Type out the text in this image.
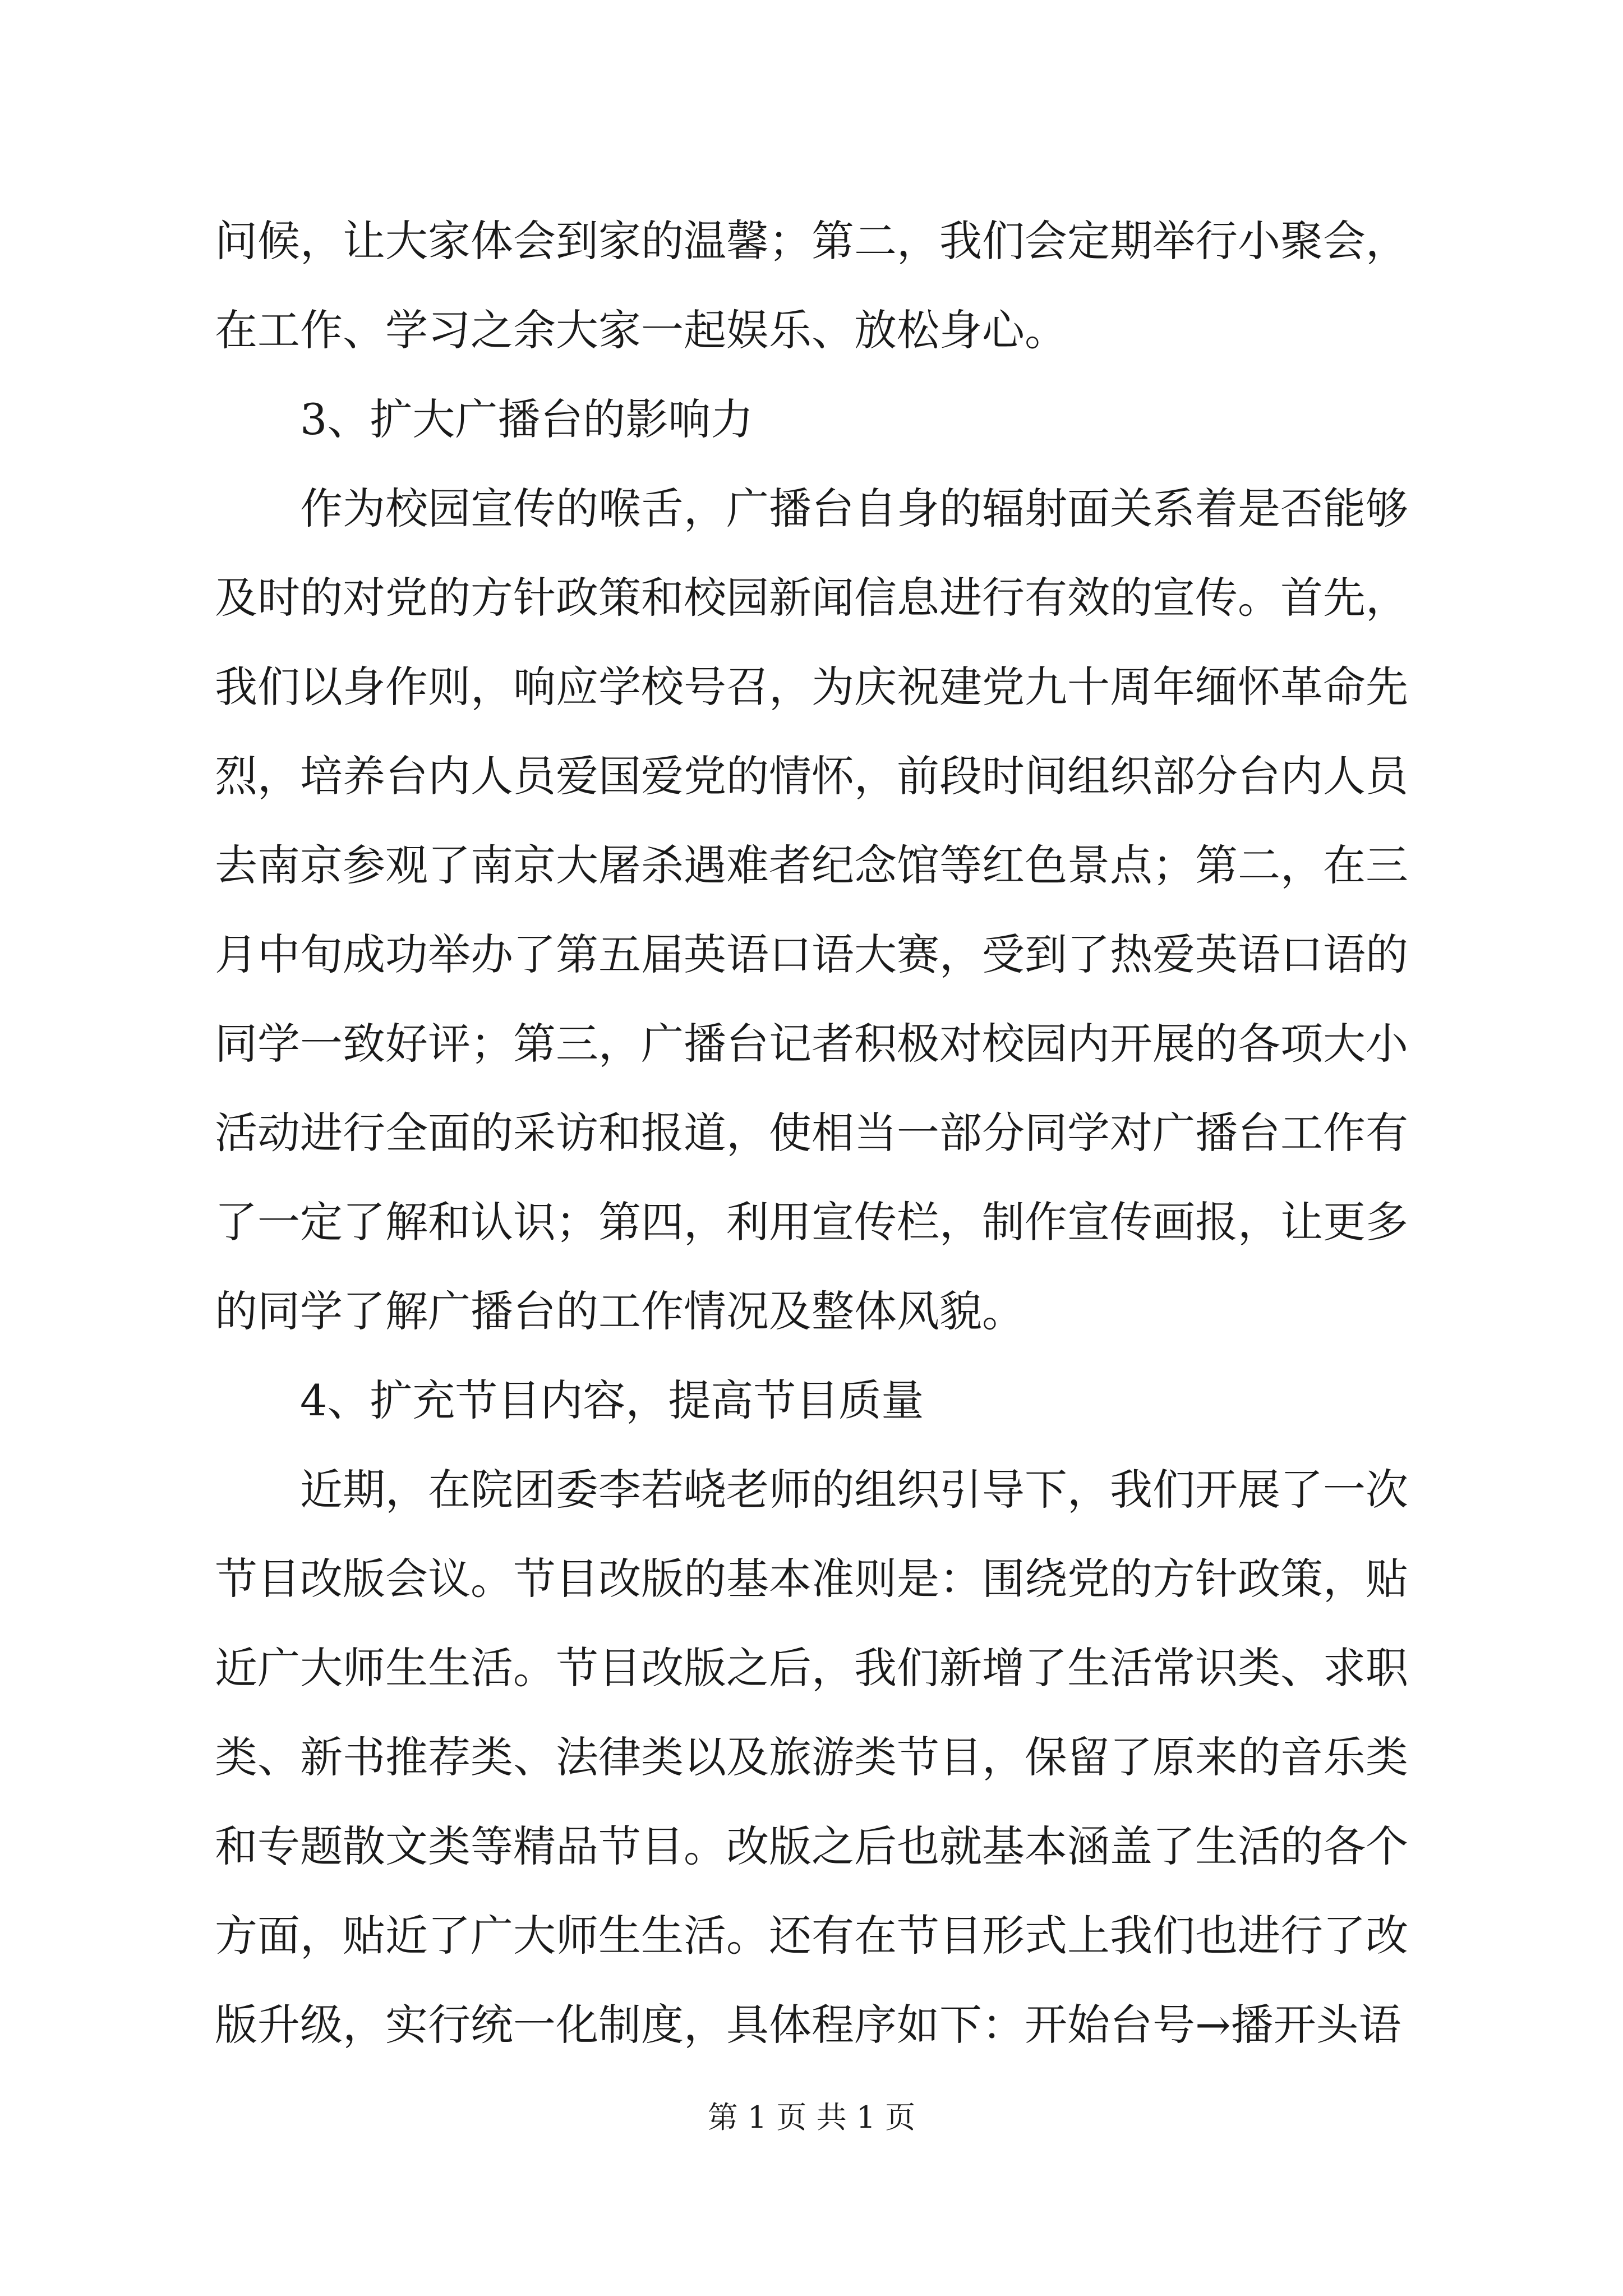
问候，让大家体会到家的温馨；第二，我们会定期举行小聚会，
在工作、学习之余大家一起娱乐、放松身心。
3、扩大广播台的影响力
作为校园宣传的喉舌，广播台自身的辐射面关系着是否能够
及时的对党的方针政策和校园新闻信息进行有效的宣传。首先，
我们以身作则，响应学校号召，为庆祝建党九十周年缅怀革命先
烈，培养台内人员爱国爱党的情怀，前段时间组织部分台内人员
去南京参观了南京大屠杀遇难者纪念馆等红色景点；第二，在三
月中旬成功举办了第五届英语口语大赛，受到了热爱英语口语的
同学一致好评；第三，广播台记者积极对校园内开展的各项大小
活动进行全面的采访和报道，使相当一部分同学对广播台工作有
了一定了解和认识；第四，利用宣传栏，制作宣传画报，让更多
的同学了解广播台的工作情况及整体风貌。
4、扩充节目内容，提高节目质量
近期，在院团委李若峣老师的组织引导下，我们开展了一次
节目改版会议。节目改版的基本准则是：围绕党的方针政策，贴
近广大师生生活。节目改版之后，我们新增了生活常识类、求职
类、新书推荐类、法律类以及旅游类节目，保留了原来的音乐类
和专题散文类等精品节目。改版之后也就基本涵盖了生活的各个
方面，贴近了广大师生生活。还有在节目形式上我们也进行了改
版升级，实行统一化制度，具体程序如下：开始台号→播开头语
第 1 页 共 1 页
